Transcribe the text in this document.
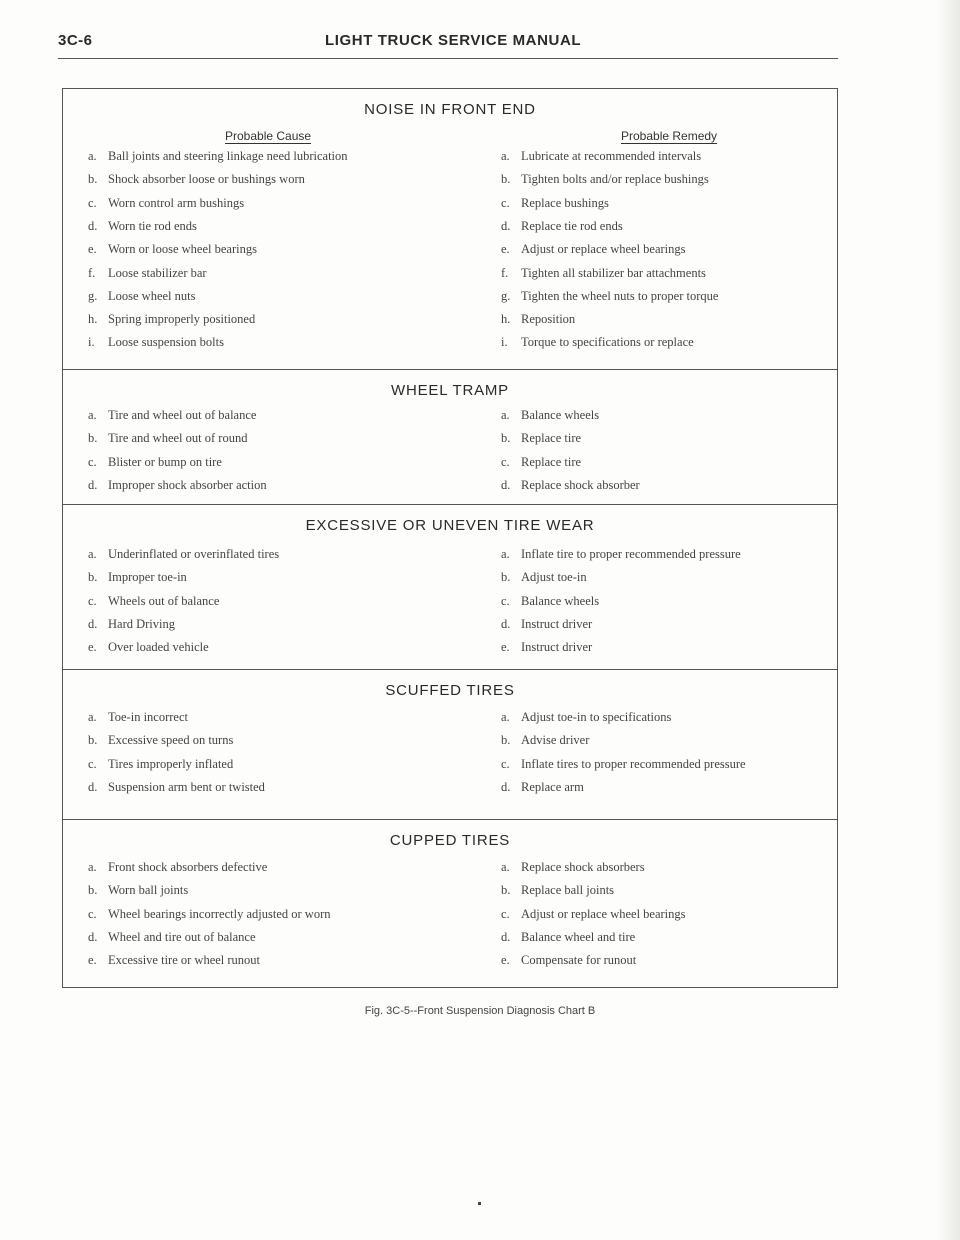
3C-6	LIGHT TRUCK SERVICE MANUAL
NOISE IN FRONT END
Probable Cause	Probable Remedy
a. Ball joints and steering linkage need lubrication	a. Lubricate at recommended intervals
b. Shock absorber loose or bushings worn	b. Tighten bolts and/or replace bushings
c. Worn control arm bushings	c. Replace bushings
d. Worn tie rod ends	d. Replace tie rod ends
e. Worn or loose wheel bearings	e. Adjust or replace wheel bearings
f. Loose stabilizer bar	f. Tighten all stabilizer bar attachments
g. Loose wheel nuts	g. Tighten the wheel nuts to proper torque
h. Spring improperly positioned	h. Reposition
i. Loose suspension bolts	i. Torque to specifications or replace
WHEEL TRAMP
a. Tire and wheel out of balance	a. Balance wheels
b. Tire and wheel out of round	b. Replace tire
c. Blister or bump on tire	c. Replace tire
d. Improper shock absorber action	d. Replace shock absorber
EXCESSIVE OR UNEVEN TIRE WEAR
a. Underinflated or overinflated tires	a. Inflate tire to proper recommended pressure
b. Improper toe-in	b. Adjust toe-in
c. Wheels out of balance	c. Balance wheels
d. Hard Driving	d. Instruct driver
e. Over loaded vehicle	e. Instruct driver
SCUFFED TIRES
a. Toe-in incorrect	a. Adjust toe-in to specifications
b. Excessive speed on turns	b. Advise driver
c. Tires improperly inflated	c. Inflate tires to proper recommended pressure
d. Suspension arm bent or twisted	d. Replace arm
CUPPED TIRES
a. Front shock absorbers defective	a. Replace shock absorbers
b. Worn ball joints	b. Replace ball joints
c. Wheel bearings incorrectly adjusted or worn	c. Adjust or replace wheel bearings
d. Wheel and tire out of balance	d. Balance wheel and tire
e. Excessive tire or wheel runout	e. Compensate for runout
Fig. 3C-5--Front Suspension Diagnosis Chart B
